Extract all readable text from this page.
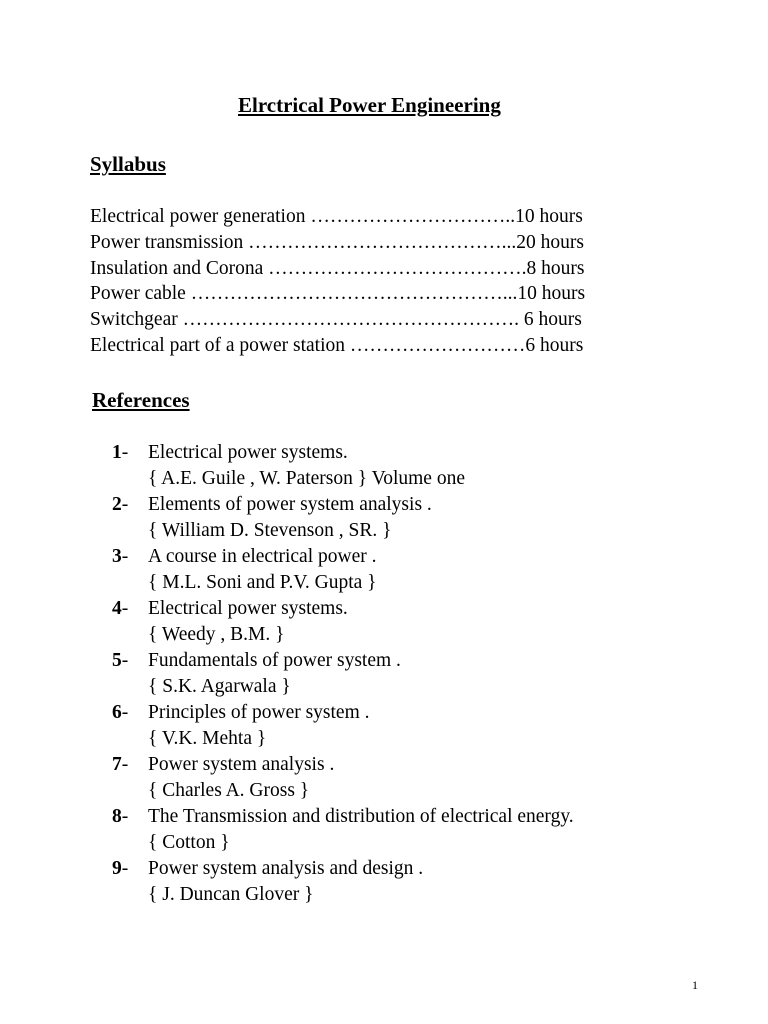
Elrctrical Power Engineering
Syllabus
Electrical power generation …………………………..10 hours
Power transmission …………………………………...20 hours
Insulation and Corona ………………………………….8 hours
Power cable …………………………………………...10 hours
Switchgear ……………………………………………. 6 hours
Electrical part of a power station ………………………6 hours
References
1- Electrical power systems.
{ A.E. Guile , W. Paterson } Volume one
2- Elements of power system analysis .
{ William D. Stevenson , SR. }
3- A course in electrical power .
{ M.L. Soni and P.V. Gupta }
4- Electrical power systems.
{ Weedy , B.M. }
5- Fundamentals of power system .
{ S.K. Agarwala }
6- Principles of power system .
{ V.K. Mehta }
7- Power system analysis .
{ Charles A. Gross }
8- The Transmission and distribution of electrical energy.
{ Cotton }
9- Power system analysis and design .
{ J. Duncan Glover }
1
